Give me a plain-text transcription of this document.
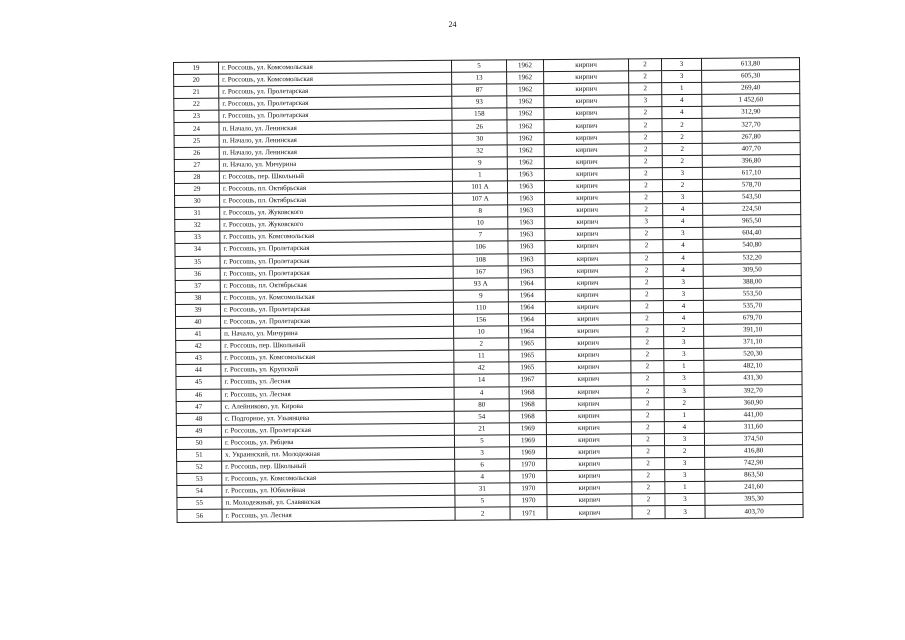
24
19	г. Россошь, ул. Комсомольская	5	1962	кирпич	2	3	613,80
20	г. Россошь, ул. Комсомольская	13	1962	кирпич	2	3	605,30
21	г. Россошь, ул. Пролетарская	87	1962	кирпич	2	1	269,40
22	г. Россошь, ул. Пролетарская	93	1962	кирпич	3	4	1 452,60
23	г. Россошь, ул. Пролетарская	158	1962	кирпич	2	4	312,90
24	п. Начало, ул. Ленинская	26	1962	кирпич	2	2	327,70
25	п. Начало, ул. Ленинская	30	1962	кирпич	2	2	267,80
26	п. Начало, ул. Ленинская	32	1962	кирпич	2	2	407,70
27	п. Начало, ул. Мичурина	9	1962	кирпич	2	2	396,80
28	г. Россошь, пер. Школьный	1	1963	кирпич	2	3	617,10
29	г. Россошь, пл. Октябрьская	101 А	1963	кирпич	2	2	578,70
30	г. Россошь, пл. Октябрьская	107 А	1963	кирпич	2	3	543,50
31	г. Россошь, ул. Жуковского	8	1963	кирпич	2	4	224,50
32	г. Россошь, ул. Жуковского	10	1963	кирпич	3	4	965,50
33	г. Россошь, ул. Комсомольская	7	1963	кирпич	2	3	604,40
34	г. Россошь, ул. Пролетарская	106	1963	кирпич	2	4	540,80
35	г. Россошь, ул. Пролетарская	108	1963	кирпич	2	4	532,20
36	г. Россошь, ул. Пролетарская	167	1963	кирпич	2	4	309,50
37	г. Россошь, пл. Октябрьская	93 А	1964	кирпич	2	3	388,00
38	г. Россошь, ул. Комсомольская	9	1964	кирпич	2	3	553,50
39	г. Россошь, ул. Пролетарская	110	1964	кирпич	2	4	535,70
40	г. Россошь, ул. Пролетарская	156	1964	кирпич	2	4	679,70
41	п. Начало, ул. Мичурина	10	1964	кирпич	2	2	391,10
42	г. Россошь, пер. Школьный	2	1965	кирпич	2	3	371,10
43	г. Россошь, ул. Комсомольская	11	1965	кирпич	2	3	520,30
44	г. Россошь, ул. Крупской	42	1965	кирпич	2	1	482,10
45	г. Россошь, ул. Лесная	14	1967	кирпич	2	3	431,30
46	г. Россошь, ул. Лесная	4	1968	кирпич	2	3	392,70
47	с. Алейниково, ул. Кирова	80	1968	кирпич	2	2	360,90
48	с. Подгорное, ул. Узыянцева	54	1968	кирпич	2	1	441,00
49	г. Россошь, ул. Пролетарская	21	1969	кирпич	2	4	311,60
50	г. Россошь, ул. Рябцева	5	1969	кирпич	2	3	374,50
51	х. Украинский, пл. Молодежная	3	1969	кирпич	2	2	416,80
52	г. Россошь, пер. Школьный	6	1970	кирпич	2	3	742,90
53	г. Россошь, ул. Комсомольская	4	1970	кирпич	2	3	863,50
54	г. Россошь, ул. Юбилейная	31	1970	кирпич	2	1	241,60
55	п. Молодежный, ул. Славянская	5	1970	кирпич	2	3	395,30
56	г. Россошь, ул. Лесная	2	1971	кирпич	2	3	403,70
